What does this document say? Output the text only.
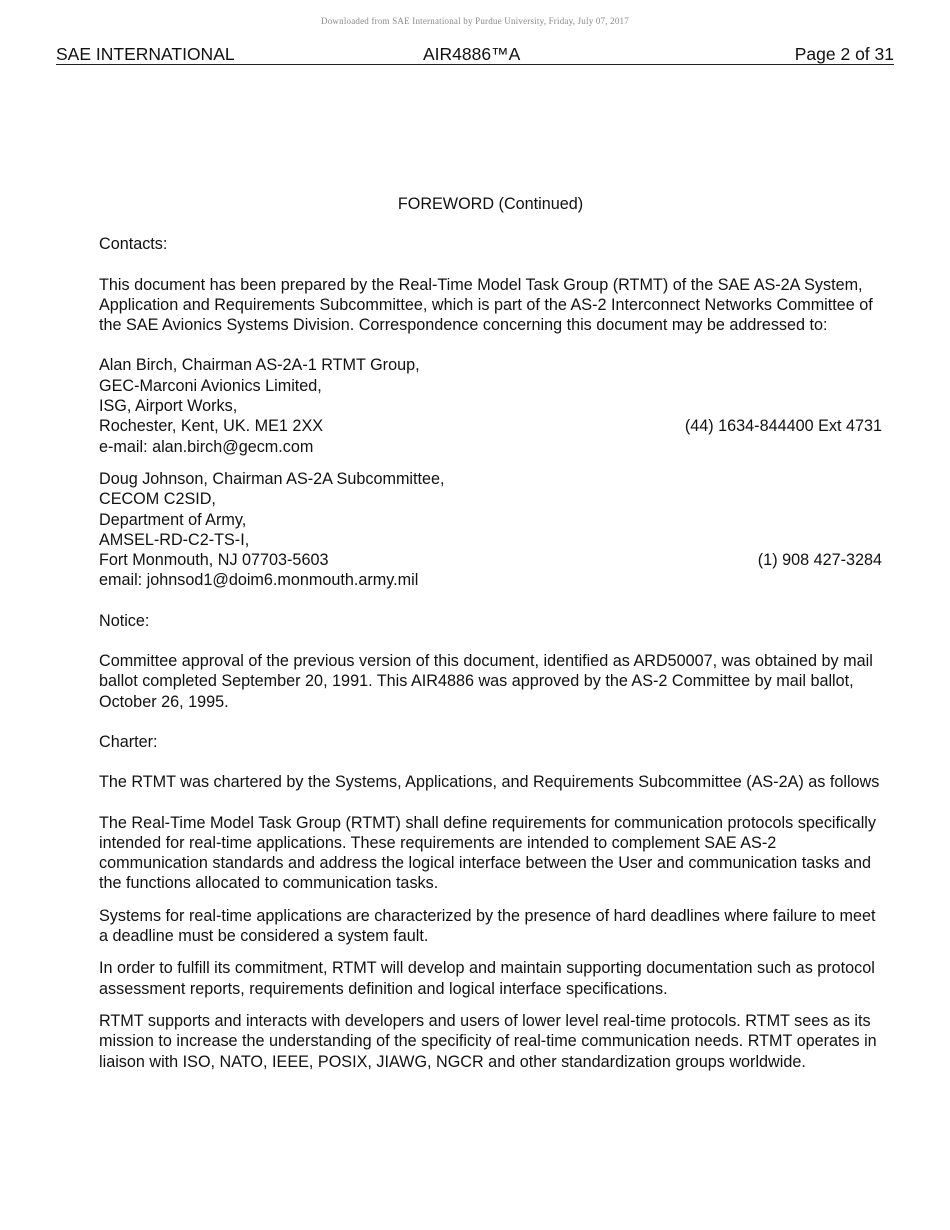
Downloaded from SAE International by Purdue University, Friday, July 07, 2017
SAE INTERNATIONAL	AIR4886™A	Page 2 of 31

FOREWORD (Continued)

Contacts:

This document has been prepared by the Real-Time Model Task Group (RTMT) of the SAE AS-2A System, Application and Requirements Subcommittee, which is part of the AS-2 Interconnect Networks Committee of the SAE Avionics Systems Division. Correspondence concerning this document may be addressed to:

Alan Birch, Chairman AS-2A-1 RTMT Group,
GEC-Marconi Avionics Limited,
ISG, Airport Works,
Rochester, Kent, UK. ME1 2XX	(44) 1634-844400 Ext 4731
e-mail: alan.birch@gecm.com
Doug Johnson, Chairman AS-2A Subcommittee,
CECOM C2SID,
Department of Army,
AMSEL-RD-C2-TS-I,
Fort Monmouth, NJ 07703-5603	(1) 908 427-3284
email: johnsod1@doim6.monmouth.army.mil

Notice:

Committee approval of the previous version of this document, identified as ARD50007, was obtained by mail ballot completed September 20, 1991. This AIR4886 was approved by the AS-2 Committee by mail ballot, October 26, 1995.

Charter:

The RTMT was chartered by the Systems, Applications, and Requirements Subcommittee (AS-2A) as follows

The Real-Time Model Task Group (RTMT) shall define requirements for communication protocols specifically intended for real-time applications. These requirements are intended to complement SAE AS-2 communication standards and address the logical interface between the User and communication tasks and the functions allocated to communication tasks.

Systems for real-time applications are characterized by the presence of hard deadlines where failure to meet a deadline must be considered a system fault.

In order to fulfill its commitment, RTMT will develop and maintain supporting documentation such as protocol assessment reports, requirements definition and logical interface specifications.

RTMT supports and interacts with developers and users of lower level real-time protocols. RTMT sees as its mission to increase the understanding of the specificity of real-time communication needs. RTMT operates in liaison with ISO, NATO, IEEE, POSIX, JIAWG, NGCR and other standardization groups worldwide.
